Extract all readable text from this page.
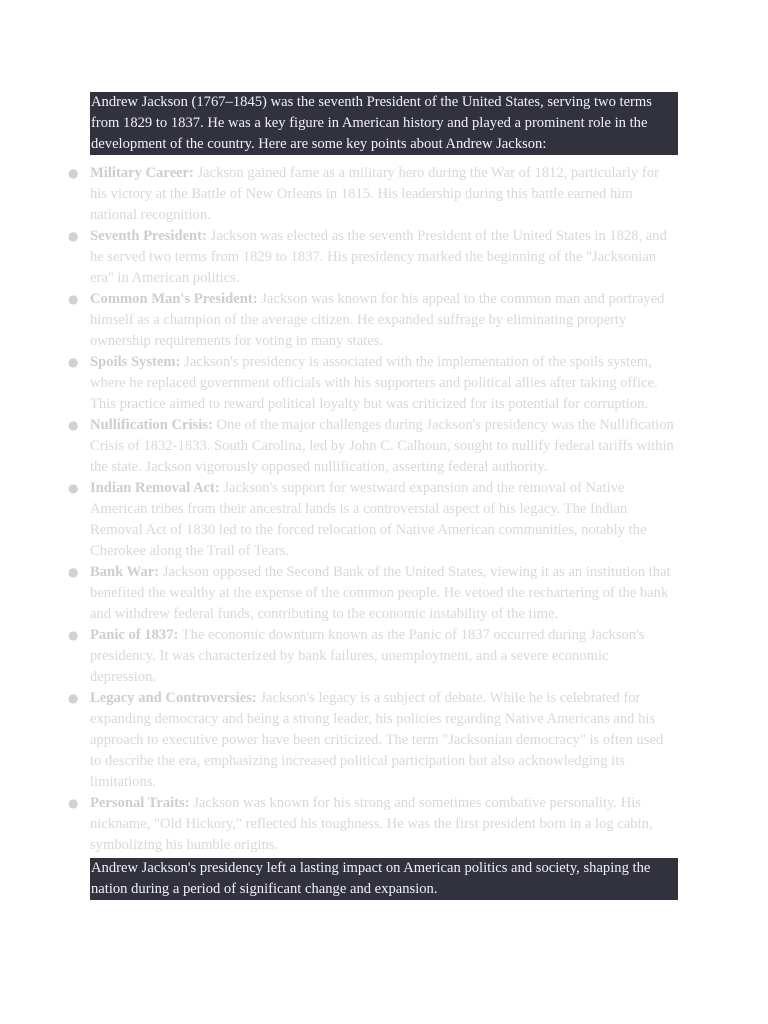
Andrew Jackson (1767–1845) was the seventh President of the United States, serving two terms from 1829 to 1837. He was a key figure in American history and played a prominent role in the development of the country. Here are some key points about Andrew Jackson:

● Military Career: Jackson gained fame as a military hero during the War of 1812, particularly for his victory at the Battle of New Orleans in 1815. His leadership during this battle earned him national recognition.
● Seventh President: Jackson was elected as the seventh President of the United States in 1828, and he served two terms from 1829 to 1837. His presidency marked the beginning of the "Jacksonian era" in American politics.
● Common Man's President: Jackson was known for his appeal to the common man and portrayed himself as a champion of the average citizen. He expanded suffrage by eliminating property ownership requirements for voting in many states.
● Spoils System: Jackson's presidency is associated with the implementation of the spoils system, where he replaced government officials with his supporters and political allies after taking office. This practice aimed to reward political loyalty but was criticized for its potential for corruption.
● Nullification Crisis: One of the major challenges during Jackson's presidency was the Nullification Crisis of 1832-1833. South Carolina, led by John C. Calhoun, sought to nullify federal tariffs within the state. Jackson vigorously opposed nullification, asserting federal authority.
● Indian Removal Act: Jackson's support for westward expansion and the removal of Native American tribes from their ancestral lands is a controversial aspect of his legacy. The Indian Removal Act of 1830 led to the forced relocation of Native American communities, notably the Cherokee along the Trail of Tears.
● Bank War: Jackson opposed the Second Bank of the United States, viewing it as an institution that benefited the wealthy at the expense of the common people. He vetoed the rechartering of the bank and withdrew federal funds, contributing to the economic instability of the time.
● Panic of 1837: The economic downturn known as the Panic of 1837 occurred during Jackson's presidency. It was characterized by bank failures, unemployment, and a severe economic depression.
● Legacy and Controversies: Jackson's legacy is a subject of debate. While he is celebrated for expanding democracy and being a strong leader, his policies regarding Native Americans and his approach to executive power have been criticized. The term "Jacksonian democracy" is often used to describe the era, emphasizing increased political participation but also acknowledging its limitations.
● Personal Traits: Jackson was known for his strong and sometimes combative personality. His nickname, "Old Hickory," reflected his toughness. He was the first president born in a log cabin, symbolizing his humble origins.

Andrew Jackson's presidency left a lasting impact on American politics and society, shaping the nation during a period of significant change and expansion.
